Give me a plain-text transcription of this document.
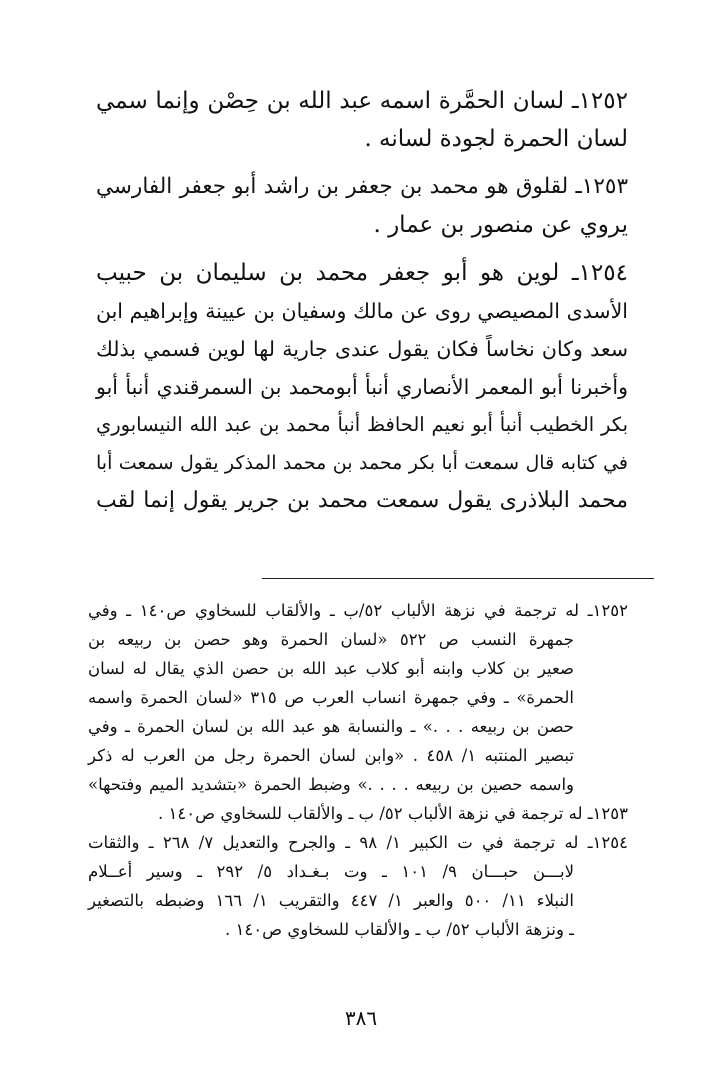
١٢٥٢ـ لسان الحمَّرة اسمه عبد الله بن حِصْن وإنما سمي
لسان الحمرة لجودة لسانه .

١٢٥٣ـ لقلوق هو محمد بن جعفر بن راشد أبو جعفر الفارسي
يروي عن منصور بن عمار .

١٢٥٤ـ لوين هو أبو جعفر محمد بن سليمان بن حبيب
الأسدى المصيصي روى عن مالك وسفيان بن عيينة وإبراهيم ابن
سعد وكان نخاساً فكان يقول عندى جارية لها لوين فسمي بذلك
وأخبرنا أبو المعمر الأنصاري أنبأ أبومحمد بن السمرقندي أنبأ أبو
بكر الخطيب أنبأ أبو نعيم الحافظ أنبأ محمد بن عبد الله النيسابوري
في كتابه قال سمعت أبا بكر محمد بن محمد المذكر يقول سمعت أبا
محمد البلاذرى يقول سمعت محمد بن جرير يقول إنما لقب

١٢٥٢ـ له ترجمة في نزهة الألباب ٥٢/ب ـ والألقاب للسخاوي ص١٤٠ ـ وفي
جمهرة النسب ص ٥٢٢ «لسان الحمرة وهو حصن بن ربيعه بن
صعير بن كلاب وابنه أبو كلاب عبد الله بن حصن الذي يقال له لسان
الحمرة» ـ وفي جمهرة انساب العرب ص ٣١٥ «لسان الحمرة واسمه
حصن بن ربيعه . . .» ـ والنسابة هو عبد الله بن لسان الحمرة ـ وفي
تبصير المنتبه ١/ ٤٥٨ . «وابن لسان الحمرة رجل من العرب له ذكر
واسمه حصين بن ربيعه . . . .» وضبط الحمرة «بتشديد الميم وفتحها»
١٢٥٣ـ له ترجمة في نزهة الألباب ٥٢/ ب ـ والألقاب للسخاوي ص١٤٠ .
١٢٥٤ـ له ترجمة في ت الكبير ١/ ٩٨ ـ والجرح والتعديل ٧/ ٢٦٨ ـ والثقات
لابـــن حبـــان ٩/ ١٠١ ـ وت بـغـداد ٥/ ٢٩٢ ـ وسير أعــلام
النبلاء ١١/ ٥٠٠ والعبر ١/ ٤٤٧ والتقريب ١/ ١٦٦ وضبطه بالتصغير
ـ ونزهة الألباب ٥٢/ ب ـ والألقاب للسخاوي ص١٤٠ .
٣٨٦
